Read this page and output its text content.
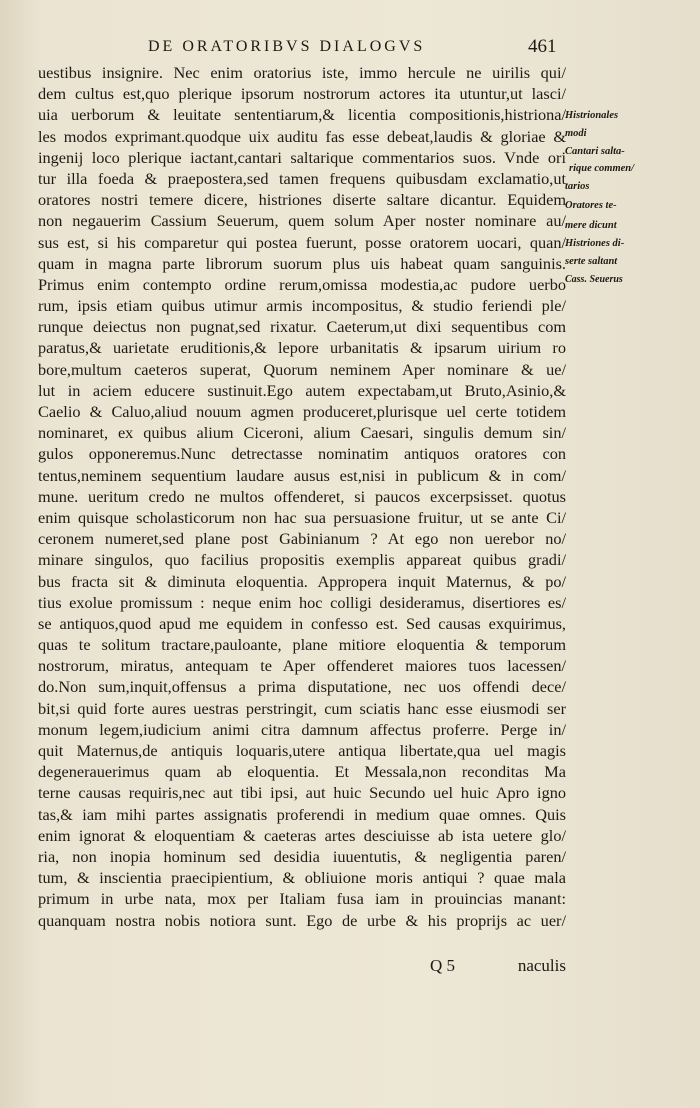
DE ORATORIBVS DIALOGVS	461
uestibus insignire. Nec enim oratorius iste, immo hercule ne uirilis qui/
dem cultus est,quo plerique ipsorum nostrorum actores ita utuntur,ut lasci/
uia uerborum & leuitate sententiarum,& licentia compositionis,histriona/
les modos exprimant.quodque uix auditu fas esse debeat,laudis & gloriae &
ingenij loco plerique iactant,cantari saltarique commentarios suos. Vnde ori
tur illa foeda & praepostera,sed tamen frequens quibusdam exclamatio,ut
oratores nostri temere dicere, histriones diserte saltare dicantur. Equidem
non negauerim Cassium Seuerum, quem solum Aper noster nominare au/
sus est, si his comparetur qui postea fuerunt, posse oratorem uocari, quan/
quam in magna parte librorum suorum plus uis habeat quam sanguinis.
Primus enim contempto ordine rerum,omissa modestia,ac pudore uerbo
rum, ipsis etiam quibus utimur armis incompositus, & studio feriendi ple/
runque deiectus non pugnat,sed rixatur. Caeterum,ut dixi sequentibus com
paratus,& uarietate eruditionis,& lepore urbanitatis & ipsarum uirium ro
bore,multum caeteros superat, Quorum neminem Aper nominare & ue/
lut in aciem educere sustinuit.Ego autem expectabam,ut Bruto,Asinio,&
Caelio & Caluo,aliud nouum agmen produceret,plurisque uel certe totidem
nominaret, ex quibus alium Ciceroni, alium Caesari, singulis demum sin/
gulos opponeremus.Nunc detrectasse nominatim antiquos oratores con
tentus,neminem sequentium laudare ausus est,nisi in publicum & in com/
mune. ueritum credo ne multos offenderet, si paucos excerpsisset. quotus
enim quisque scholasticorum non hac sua persuasione fruitur, ut se ante Ci/
ceronem numeret,sed plane post Gabinianum ? At ego non uerebor no/
minare singulos, quo facilius propositis exemplis appareat quibus gradi/
bus fracta sit & diminuta eloquentia. Appropera inquit Maternus, & po/
tius exolue promissum : neque enim hoc colligi desideramus, disertiores es/
se antiquos,quod apud me equidem in confesso est. Sed causas exquirimus,
quas te solitum tractare,pauloante, plane mitiore eloquentia & temporum
nostrorum, miratus, antequam te Aper offenderet maiores tuos lacessen/
do.Non sum,inquit,offensus a prima disputatione, nec uos offendi dece/
bit,si quid forte aures uestras perstringit, cum sciatis hanc esse eiusmodi ser
monum legem,iudicium animi citra damnum affectus proferre. Perge in/
quit Maternus,de antiquis loquaris,utere antiqua libertate,qua uel magis
degenerauerimus quam ab eloquentia. Et Messala,non reconditas Ma
terne causas requiris,nec aut tibi ipsi, aut huic Secundo uel huic Apro igno
tas,& iam mihi partes assignatis proferendi in medium quae omnes. Quis
enim ignorat & eloquentiam & caeteras artes desciuisse ab ista uetere glo/
ria, non inopia hominum sed desidia iuuentutis, & negligentia paren/
tum, & inscientia praecipientium, & obliuione moris antiqui ? quae mala
primum in urbe nata, mox per Italiam fusa iam in prouincias manant:
quanquam nostra nobis notiora sunt. Ego de urbe & his proprijs ac uer/
Q 5	naculis
Histrionales
modi
Cantari salta-
rique commen/
tarios
Oratores te-
mere dicunt
Histriones di-
serte saltant
Cass. Seuerus
